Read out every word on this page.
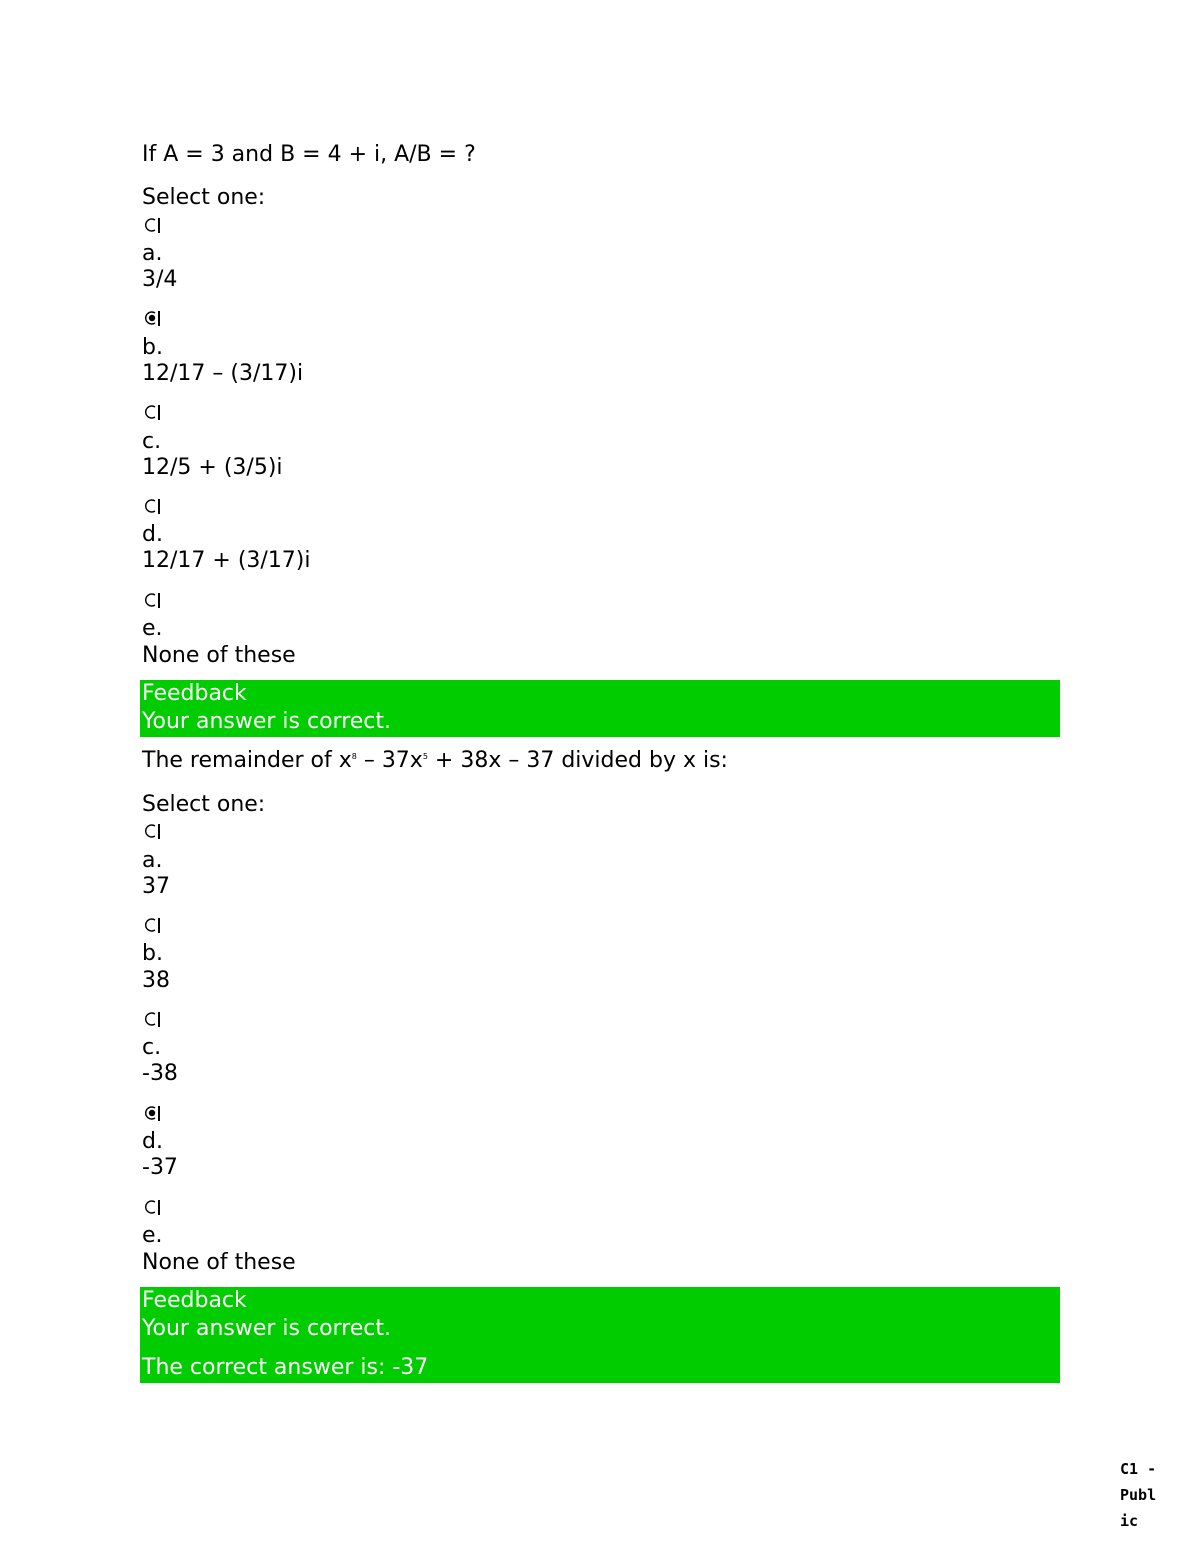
If A = 3 and B = 4 + i, A/B = ?
Select one:
a.
3/4
b.
12/17 – (3/17)i
c.
12/5 + (3/5)i
d.
12/17 + (3/17)i
e.
None of these
Feedback
Your answer is correct.
The remainder of $x^8 - 37x^5 + 38x - 37$ divided by x is:
Select one:
a.
37
b.
38
c.
-38
d.
-37
e.
None of these
Feedback
Your answer is correct.
The correct answer is: -37
C1 -
Publ
ic
